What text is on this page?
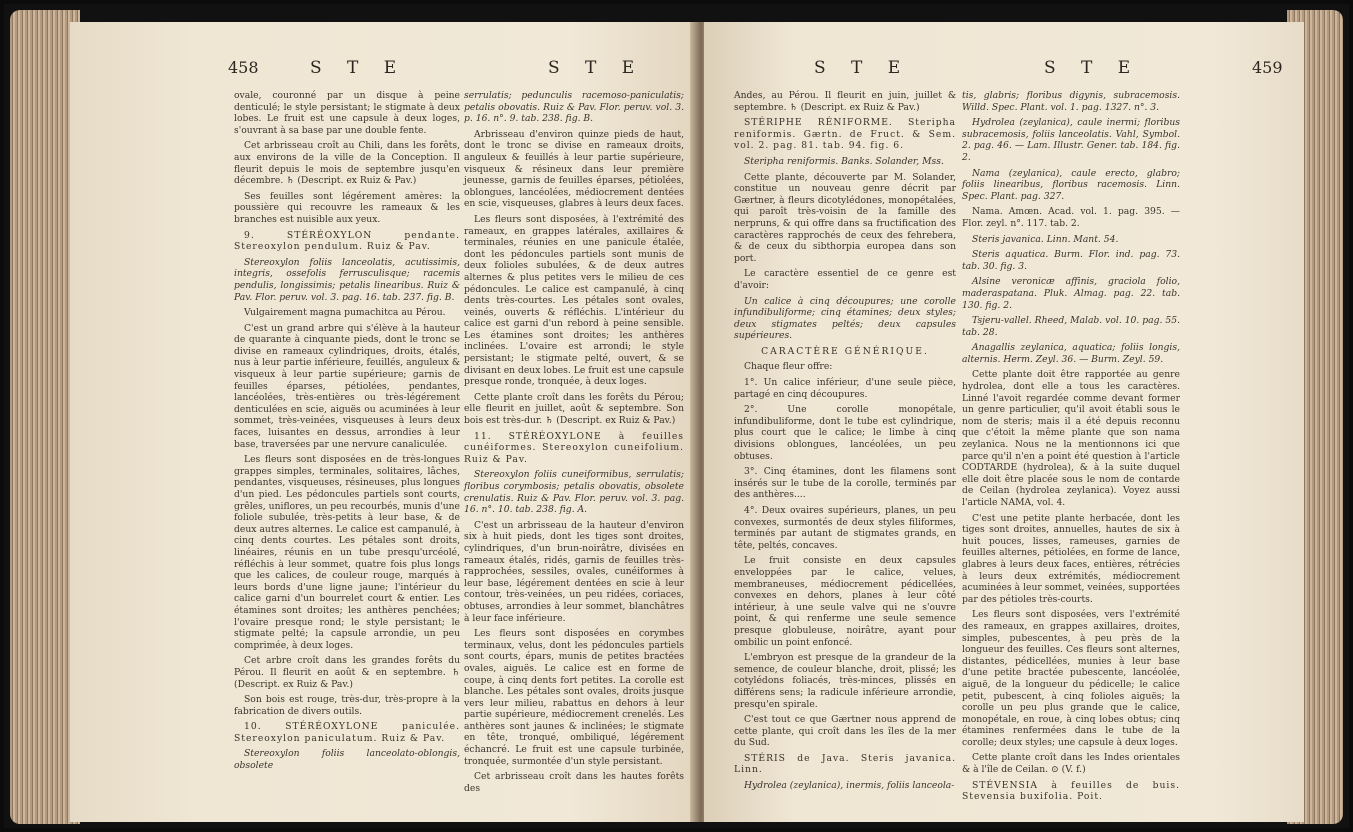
458	S T E	S T E

ovale, couronné par un disque à peine denticulé; le style persistant; le stigmate à deux lobes. Le fruit est une capsule à deux loges, s'ouvrant à sa base par une double fente.

Cet arbrisseau croît au Chili, dans les forêts, aux environs de la ville de la Conception. Il fleurit depuis le mois de septembre jusqu'en décembre. ♄ (Descript. ex Ruiz & Pav.)

Ses feuilles sont légérement amères: la poussière qui recouvre les rameaux & les branches est nuisible aux yeux.

9. STÉRÉOXYLON pendante. Stereoxylon pendulum. Ruiz & Pav.

Stereoxylon foliis lanceolatis, acutissimis, integris, ossefolis ferrusculisque; racemis pendulis, longissimis; petalis linearibus. Ruiz & Pav. Flor. peruv. vol. 3. pag. 16. tab. 237. fig. B.

Vulgairement magna pumachitca au Pérou.

C'est un grand arbre qui s'élève à la hauteur de quarante à cinquante pieds, dont le tronc se divise en rameaux cylindriques, droits, étalés, nus à leur partie inférieure, feuillés, anguleux & visqueux à leur partie supérieure; garnis de feuilles éparses, pétiolées, pendantes, lancéolées, très-entières ou très-légérement denticulées en scie, aiguës ou acuminées à leur sommet, très-veinées, visqueuses à leurs deux faces, luisantes en dessus, arrondies à leur base, traversées par une nervure canaliculée.

Les fleurs sont disposées en de très-longues grappes simples, terminales, solitaires, lâches, pendantes, visqueuses, résineuses, plus longues d'un pied. Les pédoncules partiels sont courts, grêles, uniflores, un peu recourbés, munis d'une foliole subulée, très-petits à leur base, & de deux autres alternes. Le calice est campanulé, à cinq dents courtes. Les pétales sont droits, linéaires, réunis en un tube presqu'urcéolé, réfléchis à leur sommet, quatre fois plus longs que les calices, de couleur rouge, marqués à leurs bords d'une ligne jaune; l'intérieur du calice garni d'un bourrelet court & entier. Les étamines sont droites; les anthères penchées; l'ovaire presque rond; le style persistant; le stigmate pelté; la capsule arrondie, un peu comprimée, à deux loges.

Cet arbre croît dans les grandes forêts du Pérou. Il fleurit en août & en septembre. ♄ (Descript. ex Ruiz & Pav.)

Son bois est rouge, très-dur, très-propre à la fabrication de divers outils.

10. STÉRÉOXYLONE paniculée. Stereoxylon paniculatum. Ruiz & Pav.

Stereoxylon foliis lanceolato-oblongis, obsolete

serrulatis; pedunculis racemoso-paniculatis; petalis obovatis. Ruiz & Pav. Flor. peruv. vol. 3. p. 16. n°. 9. tab. 238. fig. B.

Arbrisseau d'environ quinze pieds de haut, dont le tronc se divise en rameaux droits, anguleux & feuillés à leur partie supérieure, visqueux & résineux dans leur première jeunesse, garnis de feuilles éparses, pétiolées, oblongues, lancéolées, médiocrement dentées en scie, visqueuses, glabres à leurs deux faces.

Les fleurs sont disposées, à l'extrémité des rameaux, en grappes latérales, axillaires & terminales, réunies en une panicule étalée, dont les pédoncules partiels sont munis de deux folioles subulées, & de deux autres alternes & plus petites vers le milieu de ces pédoncules. Le calice est campanulé, à cinq dents très-courtes. Les pétales sont ovales, veinés, ouverts & réfléchis. L'intérieur du calice est garni d'un rebord à peine sensible. Les étamines sont droites; les anthères inclinées. L'ovaire est arrondi; le style persistant; le stigmate pelté, ouvert, & se divisant en deux lobes. Le fruit est une capsule presque ronde, tronquée, à deux loges.

Cette plante croît dans les forêts du Pérou; elle fleurit en juillet, août & septembre. Son bois est très-dur. ♄ (Descript. ex Ruiz & Pav.)

11. STÉRÉOXYLONE à feuilles cunéiformes. Stereoxylon cuneifolium. Ruiz & Pav.

Stereoxylon foliis cuneiformibus, serrulatis; floribus corymbosis; petalis obovatis, obsolete crenulatis. Ruiz & Pav. Flor. peruv. vol. 3. pag. 16. n°. 10. tab. 238. fig. A.

C'est un arbrisseau de la hauteur d'environ six à huit pieds, dont les tiges sont droites, cylindriques, d'un brun-noirâtre, divisées en rameaux étalés, ridés, garnis de feuilles très-rapprochées, sessiles, ovales, cunéiformes à leur base, légérement dentées en scie à leur contour, très-veinées, un peu ridées, coriaces, obtuses, arrondies à leur sommet, blanchâtres à leur face inférieure.

Les fleurs sont disposées en corymbes terminaux, velus, dont les pédoncules partiels sont courts, épars, munis de petites bractées ovales, aiguës. Le calice est en forme de coupe, à cinq dents fort petites. La corolle est blanche. Les pétales sont ovales, droits jusque vers leur milieu, rabattus en dehors à leur partie supérieure, médiocrement crenelés. Les anthères sont jaunes & inclinées; le stigmate en tête, tronqué, ombiliqué, légérement échancré. Le fruit est une capsule turbinée, tronquée, surmontée d'un style persistant.

Cet arbrisseau croît dans les hautes forêts des

S T E	S T E	459

Andes, au Pérou. Il fleurit en juin, juillet & septembre. ♄ (Descript. ex Ruiz & Pav.)

STÉRIPHE RÉNIFORME. Steripha reniformis. Gærtn. de Fruct. & Sem. vol. 2. pag. 81. tab. 94. fig. 6.

Steripha reniformis. Banks. Solander, Mss.

Cette plante, découverte par M. Solander, constitue un nouveau genre décrit par Gærtner, à fleurs dicotylédones, monopétalées, qui paroît très-voisin de la famille des nerpruns, & qui offre dans sa fructification des caractères rapprochés de ceux des fehrebera, & de ceux du sibthorpia europea dans son port.

Le caractère essentiel de ce genre est d'avoir:

Un calice à cinq découpures; une corolle infundibuliforme; cinq étamines; deux styles; deux stigmates peltés; deux capsules supérieures.

CARACTÈRE GÉNÉRIQUE.

Chaque fleur offre:

1°. Un calice inférieur, d'une seule pièce, partagé en cinq découpures.

2°. Une corolle monopétale, infundibuliforme, dont le tube est cylindrique, plus court que le calice; le limbe à cinq divisions oblongues, lancéolées, un peu obtuses.

3°. Cinq étamines, dont les filamens sont insérés sur le tube de la corolle, terminés par des anthères....

4°. Deux ovaires supérieurs, planes, un peu convexes, surmontés de deux styles filiformes, terminés par autant de stigmates grands, en tête, peltés, concaves.

Le fruit consiste en deux capsules enveloppées par le calice, velues, membraneuses, médiocrement pédicellées, convexes en dehors, planes à leur côté intérieur, à une seule valve qui ne s'ouvre point, & qui renferme une seule semence presque globuleuse, noirâtre, ayant pour ombilic un point enfoncé.

L'embryon est presque de la grandeur de la semence, de couleur blanche, droit, plissé; les cotylédons foliacés, très-minces, plissés en différens sens; la radicule inférieure arrondie, presqu'en spirale.

C'est tout ce que Gærtner nous apprend de cette plante, qui croît dans les îles de la mer du Sud.

STÉRIS de Java. Steris javanica. Linn.

Hydrolea (zeylanica), inermis, foliis lanceola-

tis, glabris; floribus digynis, subracemosis. Willd. Spec. Plant. vol. 1. pag. 1327. n°. 3.

Hydrolea (zeylanica), caule inermi; floribus subracemosis, foliis lanceolatis. Vahl, Symbol. 2. pag. 46. — Lam. Illustr. Gener. tab. 184. fig. 2.

Nama (zeylanica), caule erecto, glabro; foliis linearibus, floribus racemosis. Linn. Spec. Plant. pag. 327.

Nama. Amœn. Acad. vol. 1. pag. 395. — Flor. zeyl. n°. 117. tab. 2.

Steris javanica. Linn. Mant. 54.

Steris aquatica. Burm. Flor. ind. pag. 73. tab. 30. fig. 3.

Alsine veronicæ affinis, graciola folio, maderaspatana. Pluk. Almag. pag. 22. tab. 130. fig. 2.

Tsjeru-vallel. Rheed, Malab. vol. 10. pag. 55. tab. 28.

Anagallis zeylanica, aquatica; foliis longis, alternis. Herm. Zeyl. 36. — Burm. Zeyl. 59.

Cette plante doit être rapportée au genre hydrolea, dont elle a tous les caractères. Linné l'avoit regardée comme devant former un genre particulier, qu'il avoit établi sous le nom de steris; mais il a été depuis reconnu que c'étoit la même plante que son nama zeylanica. Nous ne la mentionnons ici que parce qu'il n'en a point été question à l'article CODTARDE (hydrolea), & à la suite duquel elle doit être placée sous le nom de contarde de Ceilan (hydrolea zeylanica). Voyez aussi l'article NAMA, vol. 4.

C'est une petite plante herbacée, dont les tiges sont droites, annuelles, hautes de six à huit pouces, lisses, rameuses, garnies de feuilles alternes, pétiolées, en forme de lance, glabres à leurs deux faces, entières, rétrécies à leurs deux extrémités, médiocrement acuminées à leur sommet, veinées, supportées par des pétioles très-courts.

Les fleurs sont disposées, vers l'extrémité des rameaux, en grappes axillaires, droites, simples, pubescentes, à peu près de la longueur des feuilles. Ces fleurs sont alternes, distantes, pédicellées, munies à leur base d'une petite bractée pubescente, lancéolée, aiguë, de la longueur du pédicelle; le calice petit, pubescent, à cinq folioles aiguës; la corolle un peu plus grande que le calice, monopétale, en roue, à cinq lobes obtus; cinq étamines renfermées dans le tube de la corolle; deux styles; une capsule à deux loges.

Cette plante croît dans les Indes orientales & à l'île de Ceilan. ⊙ (V. f.)

STÉVENSIA à feuilles de buis. Stevensia buxifolia. Poit.
